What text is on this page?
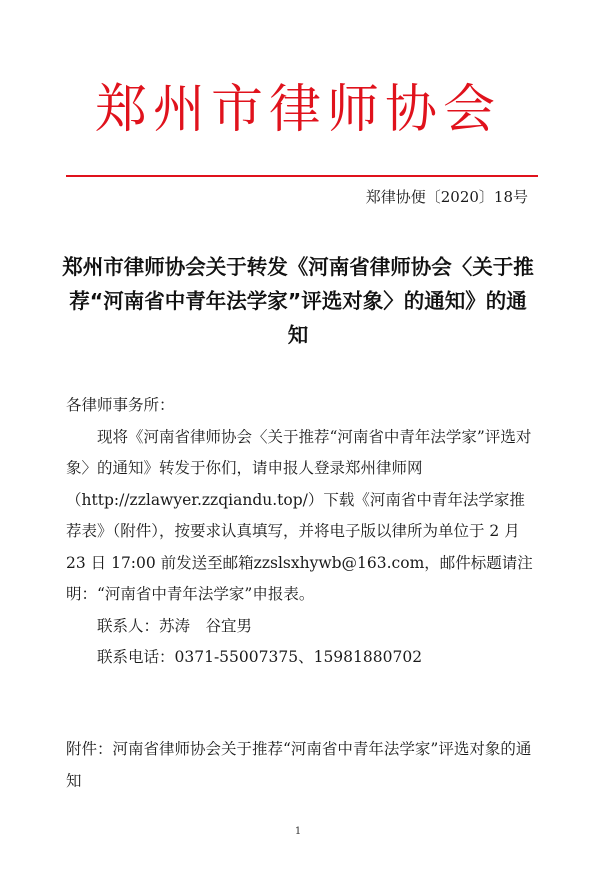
郑州市律师协会
郑律协便〔2020〕18号
郑州市律师协会关于转发《河南省律师协会〈关于推荐“河南省中青年法学家”评选对象〉的通知》的通知

各律师事务所：

现将《河南省律师协会〈关于推荐“河南省中青年法学家”评选对象〉的通知》转发于你们，请申报人登录郑州律师网（http://zzlawyer.zzqiandu.top/）下载《河南省中青年法学家推荐表》（附件），按要求认真填写，并将电子版以律所为单位于 2 月 23 日 17:00 前发送至邮箱zzslsxhywb@163.com，邮件标题请注明：“河南省中青年法学家”申报表。

联系人：苏涛　谷宜男

联系电话：0371-55007375、15981880702

附件：河南省律师协会关于推荐“河南省中青年法学家”评选对象的通知
1
